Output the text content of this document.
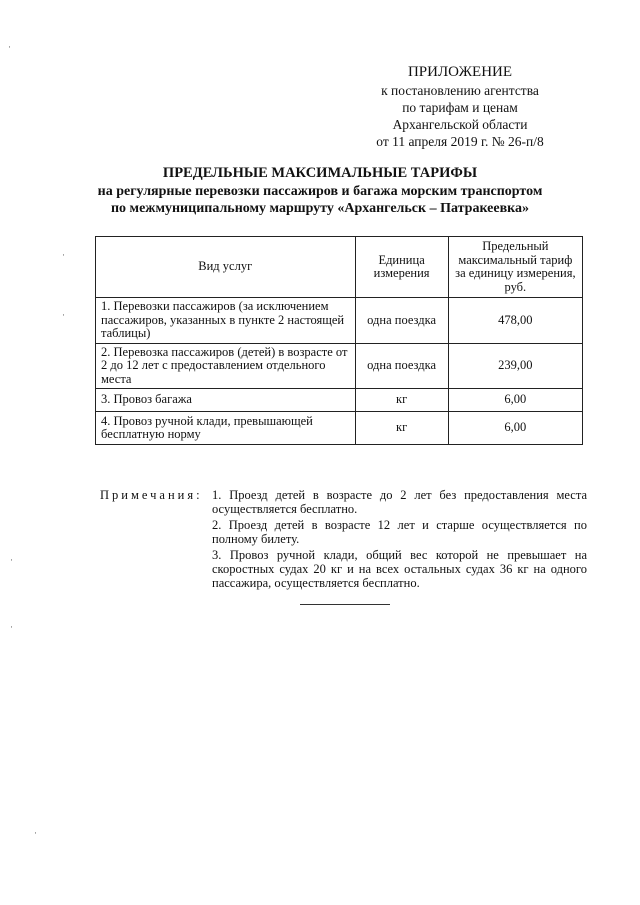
ПРИЛОЖЕНИЕ
к постановлению агентства
по тарифам и ценам
Архангельской области
от 11 апреля 2019 г. № 26-п/8
ПРЕДЕЛЬНЫЕ МАКСИМАЛЬНЫЕ ТАРИФЫ
на регулярные перевозки пассажиров и багажа морским транспортом
по межмуниципальному маршруту «Архангельск – Патракеевка»
Вид услуг	Единица измерения	Предельный максимальный тариф за единицу измерения, руб.
1. Перевозки пассажиров (за исключением пассажиров, указанных в пункте 2 настоящей таблицы)	одна поездка	478,00
2. Перевозка пассажиров (детей) в возрасте от 2 до 12 лет с предоставлением отдельного места	одна поездка	239,00
3. Провоз багажа	кг	6,00
4. Провоз ручной клади, превышающей бесплатную норму	кг	6,00
Примечания: 1. Проезд детей в возрасте до 2 лет без предоставления места осуществляется бесплатно.
2. Проезд детей в возрасте 12 лет и старше осуществляется по полному билету.
3. Провоз ручной клади, общий вес которой не превышает на скоростных судах 20 кг и на всех остальных судах 36 кг на одного пассажира, осуществляется бесплатно.
·
·
·
·
·
·
